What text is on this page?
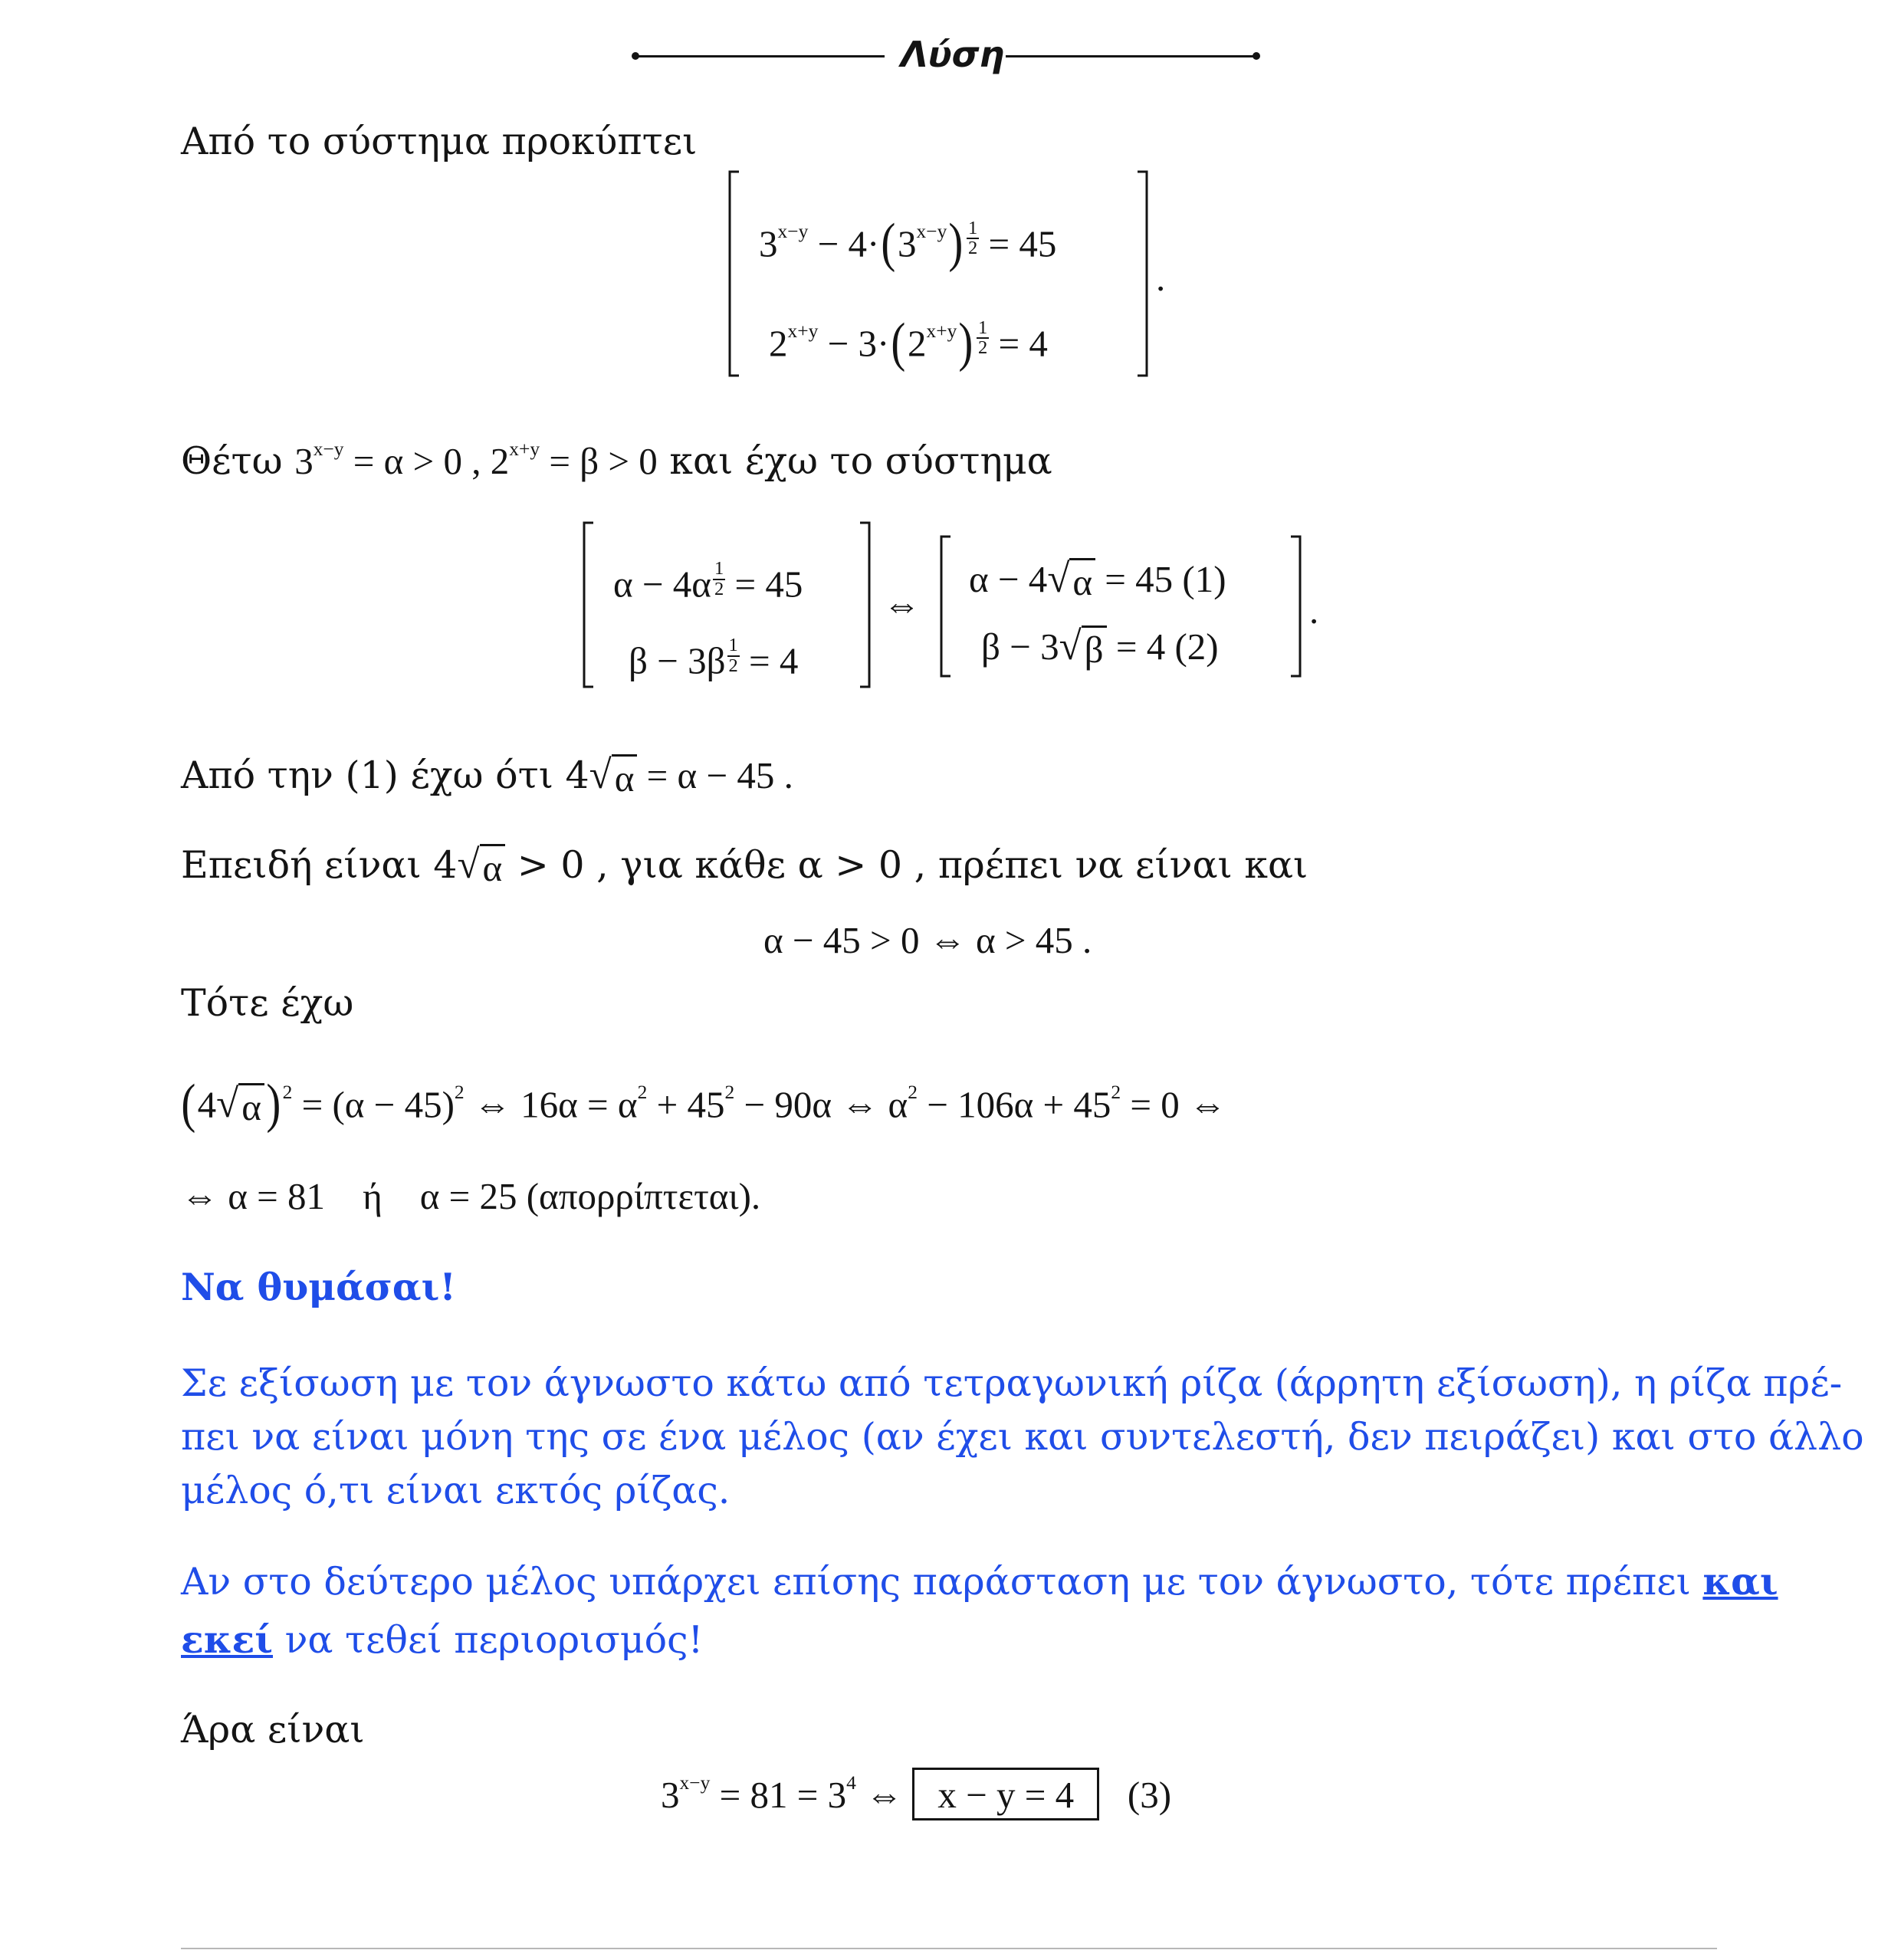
Λύση
Από το σύστημα προκύπτει
$3^{x-y} - 4\cdot(3^{x-y}) \frac{1}{2} = 45$
$2^{x+y} - 3\cdot(2^{x+y}) \frac{1}{2} = 4$
.
Θέτω $3^{x-y} = \alpha > 0$ , $2^{x+y} = \beta > 0$ και έχω το σύστημα
$\alpha - 4\alpha \frac{1}{2} = 45$
$\beta - 3\beta \frac{1}{2} = 4$
⇔
α − 4 √ α = 45 (1)
β − 3 √ β = 4 (2)
.
Από την (1) έχω ότι 4 √ α = α − 45 .
Επειδή είναι 4 √ α > 0 , για κάθε α > 0 , πρέπει να είναι και
α − 45 > 0 ⇔ α > 45 .
Τότε έχω
(4 √ α )$^2 = (\alpha - 45)^2$ ⇔ $16\alpha = \alpha^2 + 45^2 - 90\alpha$ ⇔ $\alpha^2 - 106\alpha + 45^2 = 0$ ⇔
⇔ α = 81 ή α = 25 (απορρίπτεται).
Να θυμάσαι!
Σε εξίσωση με τον άγνωστο κάτω από τετραγωνική ρίζα (άρρητη εξίσωση), η ρίζα πρέ-
πει να είναι μόνη της σε ένα μέλος (αν έχει και συντελεστή, δεν πειράζει) και στο άλλο
μέλος ό,τι είναι εκτός ρίζας.
Αν στο δεύτερο μέλος υπάρχει επίσης παράσταση με τον άγνωστο, τότε πρέπει και
εκεί να τεθεί περιορισμός!
Άρα είναι
$3^{x-y} = 81 = 3^4$ ⇔ x − y = 4 (3)
